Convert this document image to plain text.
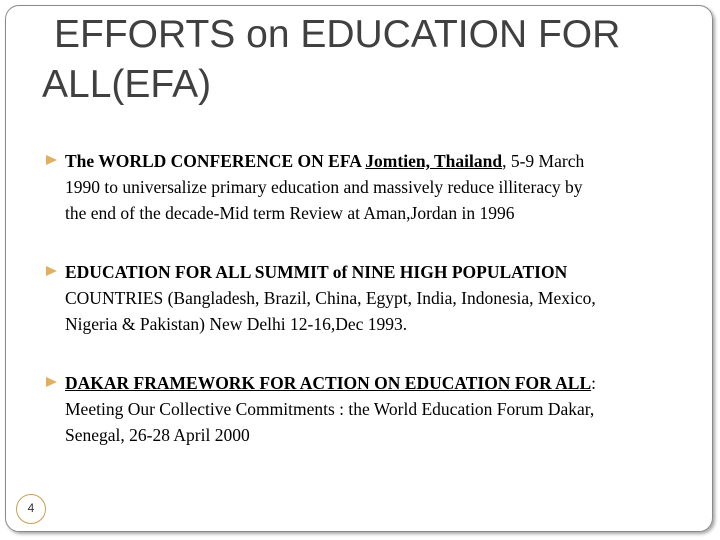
EFFORTS on EDUCATION FOR
ALL(EFA)
The WORLD CONFERENCE ON EFA Jomtien, Thailand, 5-9 March
1990 to universalize primary education and massively reduce illiteracy by
the end of the decade-Mid term Review at Aman,Jordan in 1996
EDUCATION FOR ALL SUMMIT of NINE HIGH POPULATION
COUNTRIES (Bangladesh, Brazil, China, Egypt, India, Indonesia, Mexico,
Nigeria & Pakistan) New Delhi 12-16,Dec 1993.
DAKAR FRAMEWORK FOR ACTION ON EDUCATION FOR ALL:
Meeting Our Collective Commitments : the World Education Forum Dakar,
Senegal, 26-28 April 2000
4
